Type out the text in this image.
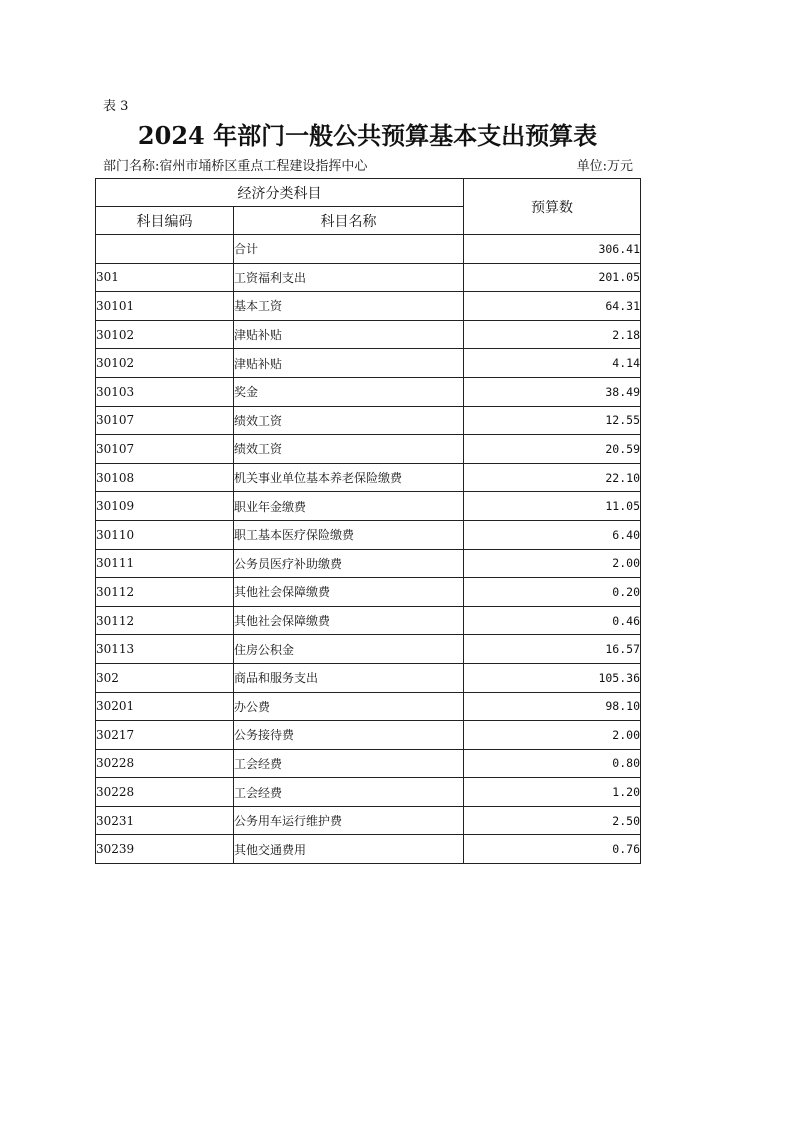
表 3
2024 年部门一般公共预算基本支出预算表
部门名称:宿州市埇桥区重点工程建设指挥中心	单位:万元
经济分类科目		预算数
科目编码	科目名称	
	合计	306.41
301	工资福利支出	201.05
30101	基本工资	64.31
30102	津贴补贴	2.18
30102	津贴补贴	4.14
30103	奖金	38.49
30107	绩效工资	12.55
30107	绩效工资	20.59
30108	机关事业单位基本养老保险缴费	22.10
30109	职业年金缴费	11.05
30110	职工基本医疗保险缴费	6.40
30111	公务员医疗补助缴费	2.00
30112	其他社会保障缴费	0.20
30112	其他社会保障缴费	0.46
30113	住房公积金	16.57
302	商品和服务支出	105.36
30201	办公费	98.10
30217	公务接待费	2.00
30228	工会经费	0.80
30228	工会经费	1.20
30231	公务用车运行维护费	2.50
30239	其他交通费用	0.76
